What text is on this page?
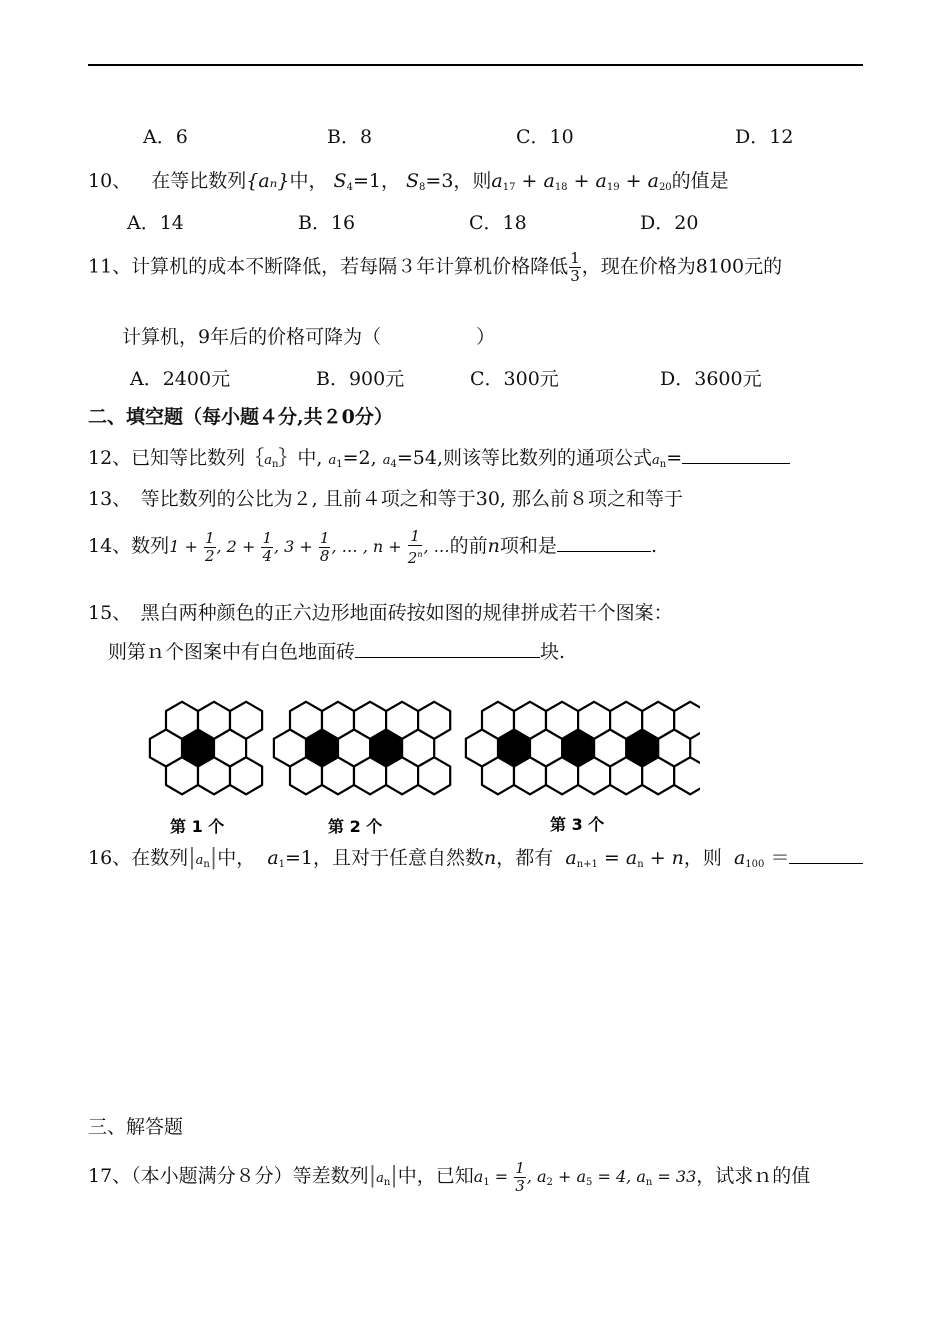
A．6	B．8	C．10	D．12
10、 在等比数列{aₙ}中， $S_4=1$， $S_8=3$，则$a_{17} + a_{18} + a_{19} + a_{20}$的值是
A．14	B．16	C．18	D．20
11、计算机的成本不断降低，若每隔３年计算机价格降低 $\frac{1}{3}$ ，现在价格为8100元的
计算机，9年后的价格可降为（　　　　　）
A．2400元	B．900元	C．300元	D．3600元
二、填空题（每小题４分,共２0分）
12、已知等比数列$\{a_n\}$中, $a_1=2$, $a_4=54$,则该等比数列的通项公式$a_n=$
13、　等比数列的公比为２, 且前４项之和等于30, 那么前８项之和等于
14、数列$1 + \frac{1}{2}$ , $2 + \frac{1}{4}$ , $3 + \frac{1}{8}$ , … , $n + \frac{1}{2^n}$ , …的前n项和是	.
15、　黑白两种颜色的正六边形地面砖按如图的规律拼成若干个图案：
则第ｎ个图案中有白色地面砖	块.
第 1 个	第 2 个	第 3 个
16、在数列$|a_n|$中， $a_1=1$，且对于任意自然数n，都有 $a_{n+1} = a_n + n$，则 $a_{100}$ ＝
三、解答题
17、（本小题满分８分）等差数列$|a_n|$中，已知$a_1 = \frac{1}{3}$ , $a_2 + a_5 = 4$, $a_n = 33$，试求ｎ的值
